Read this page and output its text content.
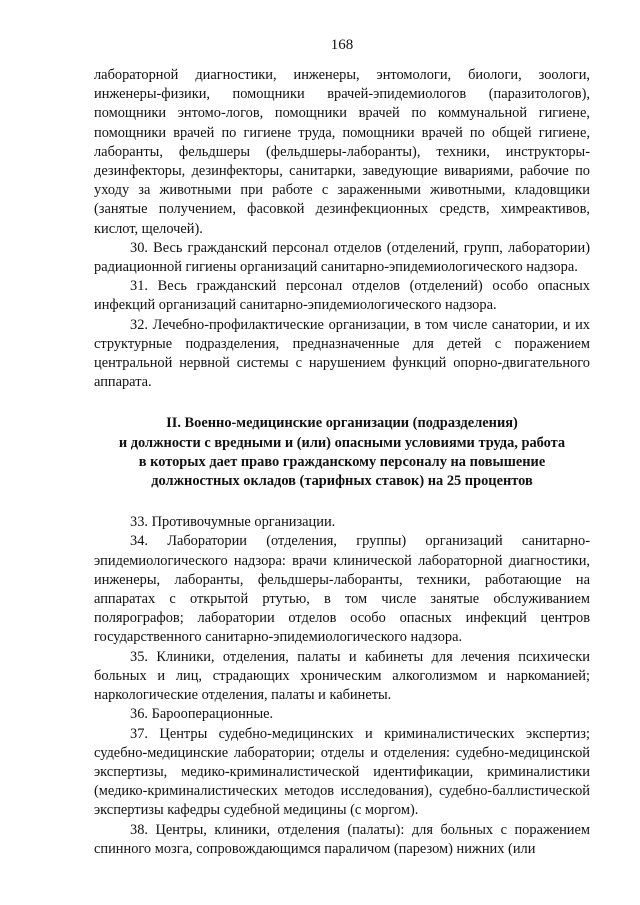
168

лабораторной диагностики, инженеры, энтомологи, биологи, зоологи, инженеры-физики, помощники врачей-эпидемиологов (паразитологов), помощники энтомо-логов, помощники врачей по коммунальной гигиене, помощники врачей по гигиене труда, помощники врачей по общей гигиене, лаборанты, фельдшеры (фельдшеры-лаборанты), техники, инструкторы-дезинфекторы, дезинфекторы, санитарки, заведующие вивариями, рабочие по уходу за животными при работе с зараженными животными, кладовщики (занятые получением, фасовкой дезинфекционных средств, химреактивов, кислот, щелочей).

30. Весь гражданский персонал отделов (отделений, групп, лаборатории) радиационной гигиены организаций санитарно-эпидемиологического надзора.

31. Весь гражданский персонал отделов (отделений) особо опасных инфекций организаций санитарно-эпидемиологического надзора.

32. Лечебно-профилактические организации, в том числе санатории, и их структурные подразделения, предназначенные для детей с поражением центральной нервной системы с нарушением функций опорно-двигательного аппарата.

II. Военно-медицинские организации (подразделения)
и должности с вредными и (или) опасными условиями труда, работа
в которых дает право гражданскому персоналу на повышение
должностных окладов (тарифных ставок) на 25 процентов

33. Противочумные организации.

34. Лаборатории (отделения, группы) организаций санитарно-эпидемиологического надзора: врачи клинической лабораторной диагностики, инженеры, лаборанты, фельдшеры-лаборанты, техники, работающие на аппаратах с открытой ртутью, в том числе занятые обслуживанием полярографов; лаборатории отделов особо опасных инфекций центров государственного санитарно-эпидемиологического надзора.

35. Клиники, отделения, палаты и кабинеты для лечения психически больных и лиц, страдающих хроническим алкоголизмом и наркоманией; наркологические отделения, палаты и кабинеты.

36. Барооперационные.

37. Центры судебно-медицинских и криминалистических экспертиз; судебно-медицинские лаборатории; отделы и отделения: судебно-медицинской экспертизы, медико-криминалистической идентификации, криминалистики (медико-криминалистических методов исследования), судебно-баллистической экспертизы кафедры судебной медицины (с моргом).

38. Центры, клиники, отделения (палаты): для больных с поражением спинного мозга, сопровождающимся параличом (парезом) нижних (или
